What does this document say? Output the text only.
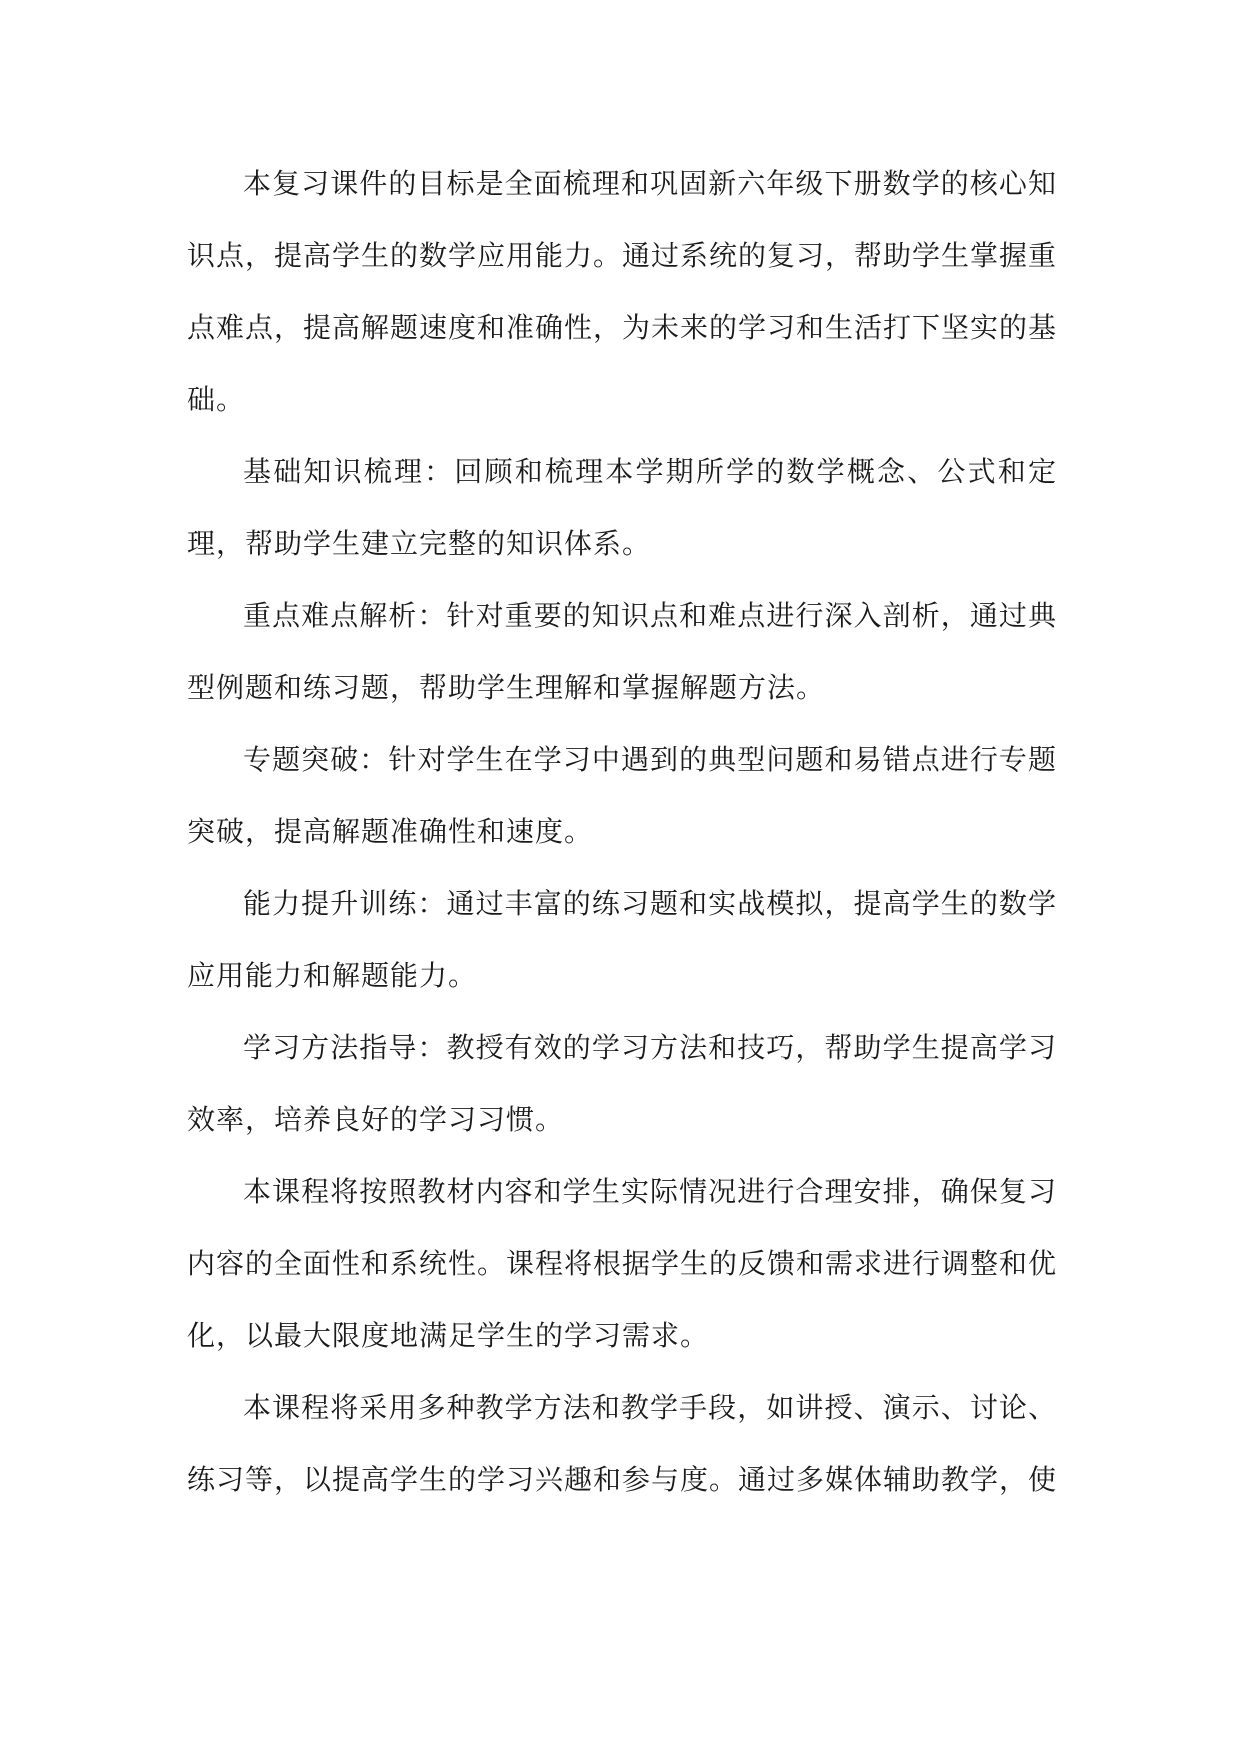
本复习课件的目标是全面梳理和巩固新六年级下册数学的核心知识点，提高学生的数学应用能力。通过系统的复习，帮助学生掌握重点难点，提高解题速度和准确性，为未来的学习和生活打下坚实的基础。

基础知识梳理：回顾和梳理本学期所学的数学概念、公式和定理，帮助学生建立完整的知识体系。

重点难点解析：针对重要的知识点和难点进行深入剖析，通过典型例题和练习题，帮助学生理解和掌握解题方法。

专题突破：针对学生在学习中遇到的典型问题和易错点进行专题突破，提高解题准确性和速度。

能力提升训练：通过丰富的练习题和实战模拟，提高学生的数学应用能力和解题能力。

学习方法指导：教授有效的学习方法和技巧，帮助学生提高学习效率，培养良好的学习习惯。

本课程将按照教材内容和学生实际情况进行合理安排，确保复习内容的全面性和系统性。课程将根据学生的反馈和需求进行调整和优化，以最大限度地满足学生的学习需求。

本课程将采用多种教学方法和教学手段，如讲授、演示、讨论、练习等，以提高学生的学习兴趣和参与度。通过多媒体辅助教学，使
